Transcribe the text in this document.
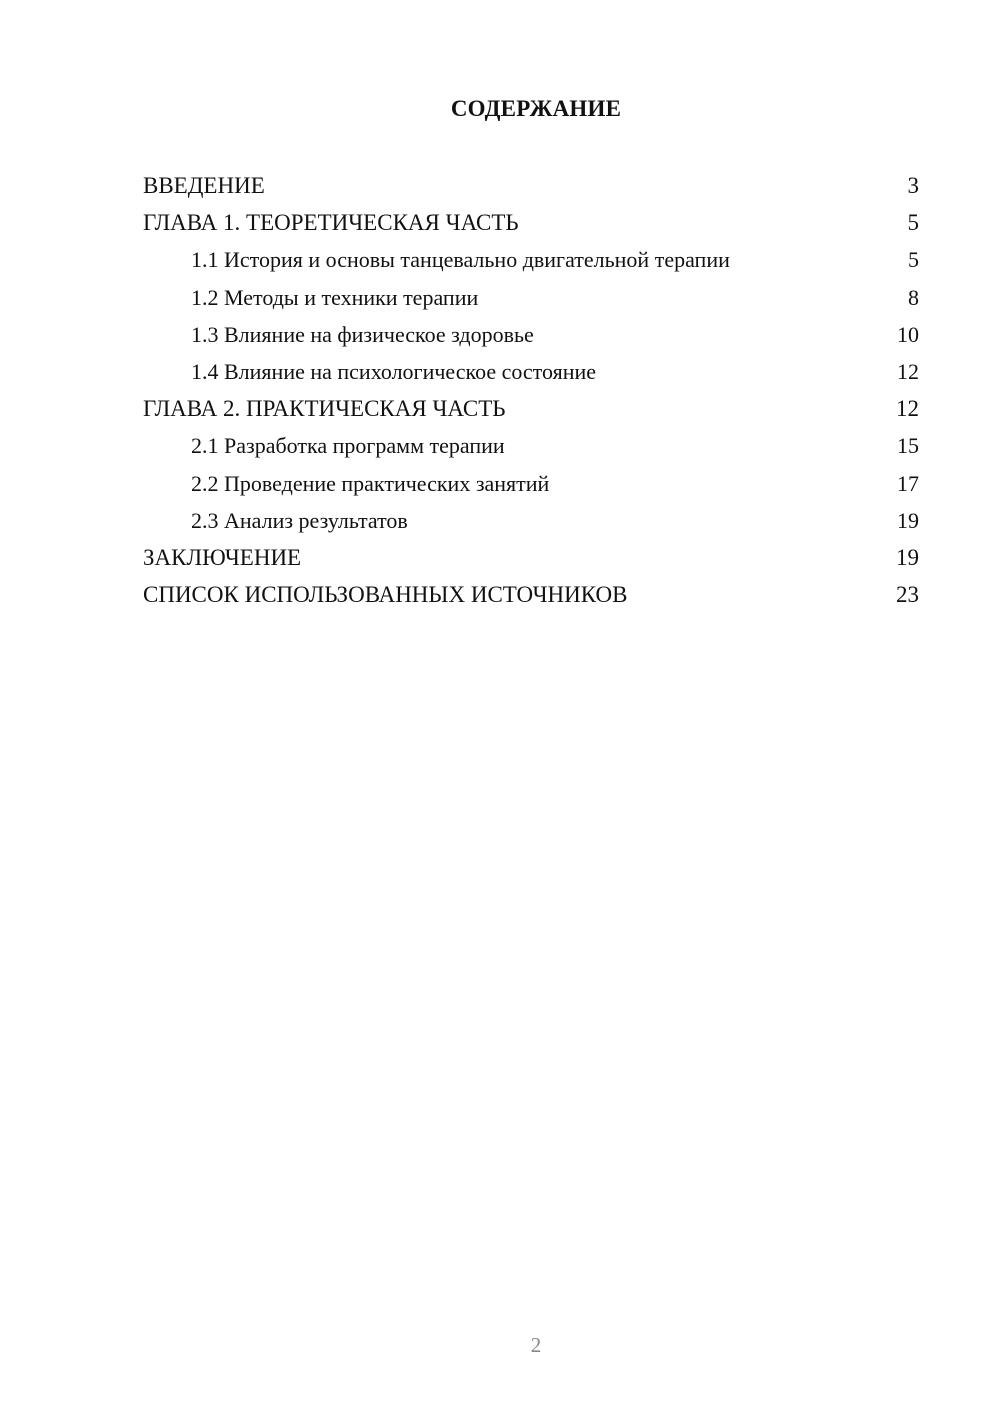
СОДЕРЖАНИЕ
ВВЕДЕНИЕ	3
ГЛАВА 1. ТЕОРЕТИЧЕСКАЯ ЧАСТЬ	5
1.1 История и основы танцевально двигательной терапии	5
1.2 Методы и техники терапии	8
1.3 Влияние на физическое здоровье	10
1.4 Влияние на психологическое состояние	12
ГЛАВА 2. ПРАКТИЧЕСКАЯ ЧАСТЬ	12
2.1 Разработка программ терапии	15
2.2 Проведение практических занятий	17
2.3 Анализ результатов	19
ЗАКЛЮЧЕНИЕ	19
СПИСОК ИСПОЛЬЗОВАННЫХ ИСТОЧНИКОВ	23
2
